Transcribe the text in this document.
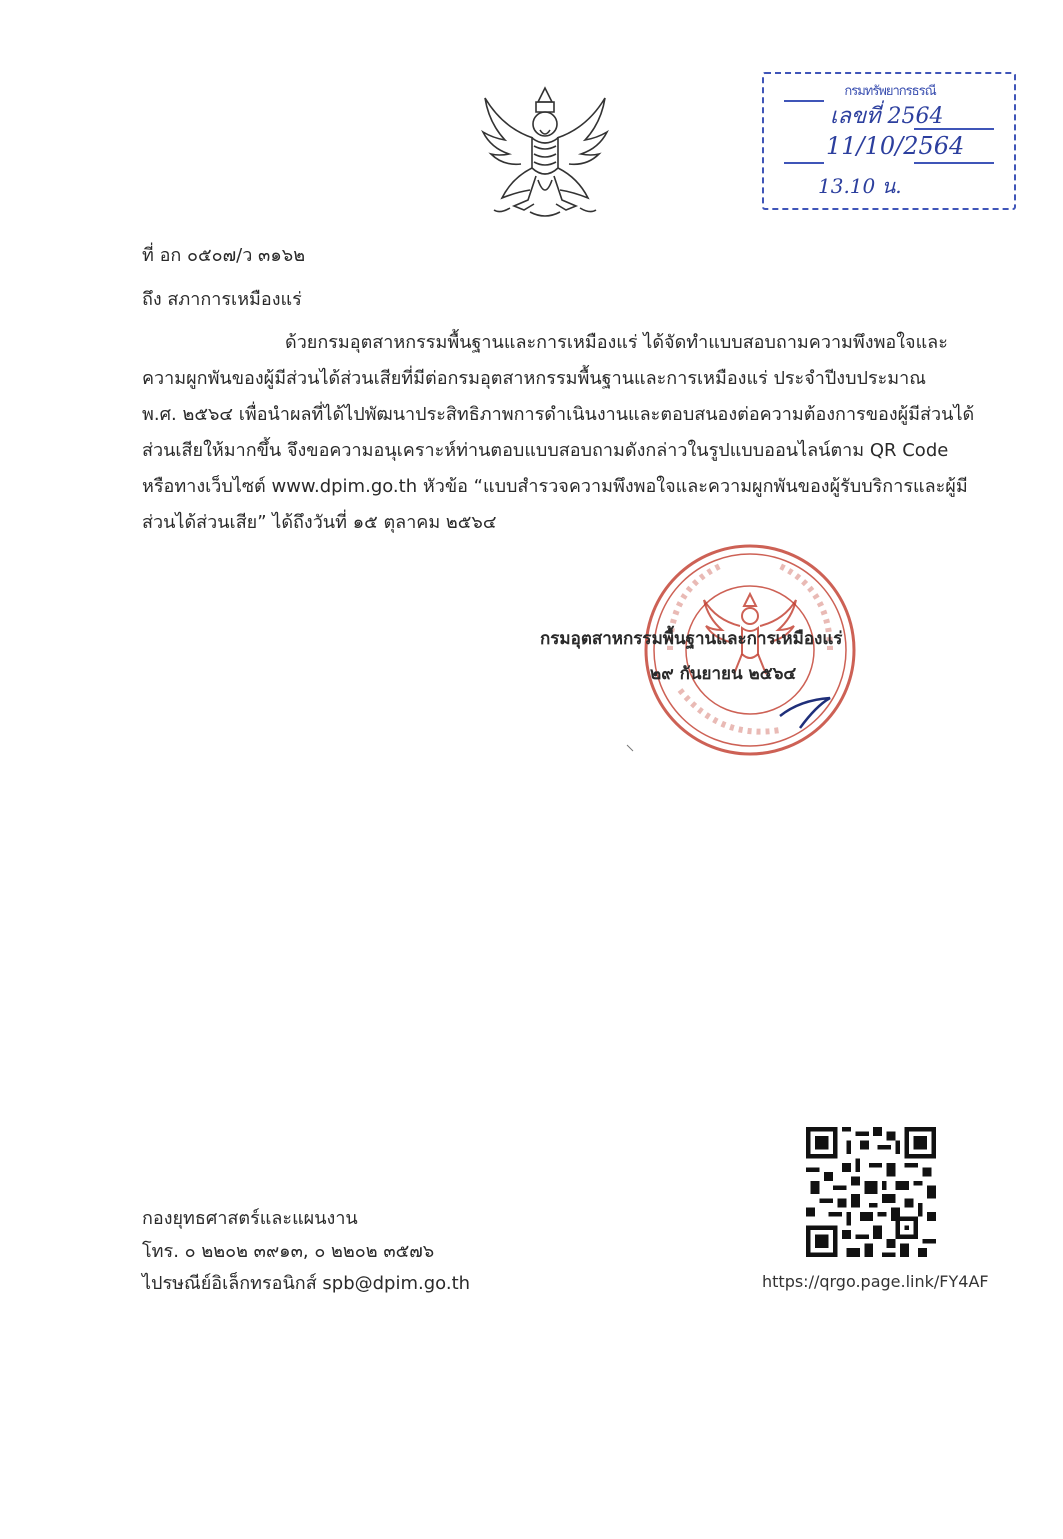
กรมทรัพยากรธรณี
เลขที่ 2564
11/10/2564
13.10 น.
ที่ อก ๐๕๐๗/ว ๓๑๖๒
ถึง สภาการเหมืองแร่
ด้วยกรมอุตสาหกรรมพื้นฐานและการเหมืองแร่ ได้จัดทำแบบสอบถามความพึงพอใจและ
ความผูกพันของผู้มีส่วนได้ส่วนเสียที่มีต่อกรมอุตสาหกรรมพื้นฐานและการเหมืองแร่ ประจำปีงบประมาณ
พ.ศ. ๒๕๖๔ เพื่อนำผลที่ได้ไปพัฒนาประสิทธิภาพการดำเนินงานและตอบสนองต่อความต้องการของผู้มีส่วนได้
ส่วนเสียให้มากขึ้น จึงขอความอนุเคราะห์ท่านตอบแบบสอบถามดังกล่าวในรูปแบบออนไลน์ตาม QR Code
หรือทางเว็บไซต์ www.dpim.go.th หัวข้อ “แบบสำรวจความพึงพอใจและความผูกพันของผู้รับบริการและผู้มี
ส่วนได้ส่วนเสีย” ได้ถึงวันที่ ๑๕ ตุลาคม ๒๕๖๔
กรมอุตสาหกรรมพื้นฐานและการเหมืองแร่
๒๙ กันยายน ๒๕๖๔
https://qrgo.page.link/FY4AF
กองยุทธศาสตร์และแผนงาน
โทร. ๐ ๒๒๐๒ ๓๙๑๓, ๐ ๒๒๐๒ ๓๕๗๖
ไปรษณีย์อิเล็กทรอนิกส์ spb@dpim.go.th
